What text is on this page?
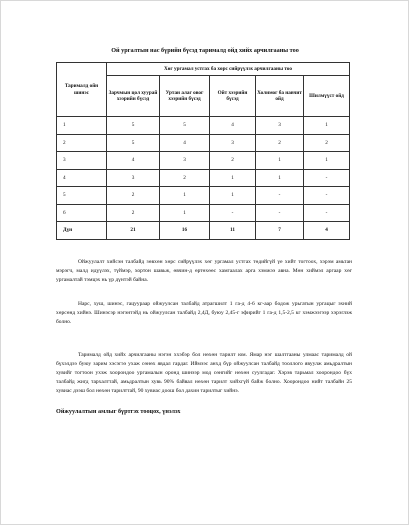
Ой ургалтын нас бүрийн бүсэд тарималд ойд хийх арчилгааны тоо
Тарималд ойн шинэс	Хөг ургамал устгах ба хөрс сийрүүлэх арчилгааны тоо				
	Зарчмын цол хуурай хээрийн бүсэд	Уртан алаг овог хээрийн бүсэд	Ойт хээрийн бүсэд	Холимог ба навчит ойд	Шилмүүст ойд
1	5	5	4	3	1
2	5	4	3	2	2
3	4	3	2	1	1
4	3	2	1	1	-
5	2	1	1	-	-
6	2	1	-	-	-
Дүн	21	16	11	7	4

Ойжуулалт хийсэн талбайд зөвхөн хөрс сийрүүлэх хөг ургамал устгах төдийгүй үе хийт тогтоох, хэрэм амьтан мэрэгч, малд идүүлэх, түймэр, хортон шавьж, өвчин-д өртөхөөс хамгаалах арга хэмжээ авна. Мөн хиймэл аргаар хөг ургамалтай тэмцэх нь үр дүнтэй байна.

Нарс, хуш, шинэс, гацуураар ойжуулсан талбайд атрагшилт 1 га-д 4-6 кг-аар бодож урьгатын ургацыг эхний хөрсөнд хийнэ. Шинэсэр нэгэнтэйд нь ойжуулсан талбайд 2,4Д, буюу 2,45-г эфирийг 1 га-д 1,5-2,5 кг хэмжээгээр хэрэглэж болно.

Тарималд ойд хийх арчилгааны нэгэн ххэбэр бол нөхөн тарилт юм. Ямар нэг шалтгааны улмаас тарималд ой бүхэлдээ буюу зарим хэсэгээ ухаж сөнөх явдал гардаг. Иймээс анхд бүр ойжуулсан талбайд тооллого явуулж амьдралтын хувийг тогтоон ухэж хоорондоо ургамалын оронд шинээр мод сөнгийг нөхөн суулгадаг. Хэрэв тарьмал хоорондоо бүх талбайд жигд тархалттай, амьдралтын хувь 90% байвал нөхөн тарилт хийхгүй байж болно. Хоорондоо нийт талбайн 25 хувиас дээш бол нөхөн тарилттай, 90 хувиас доош бол дахин тарилтыг хийнэ.

Ойжуулалтын амлыг бүртгэх тооцох, үнэлэх
